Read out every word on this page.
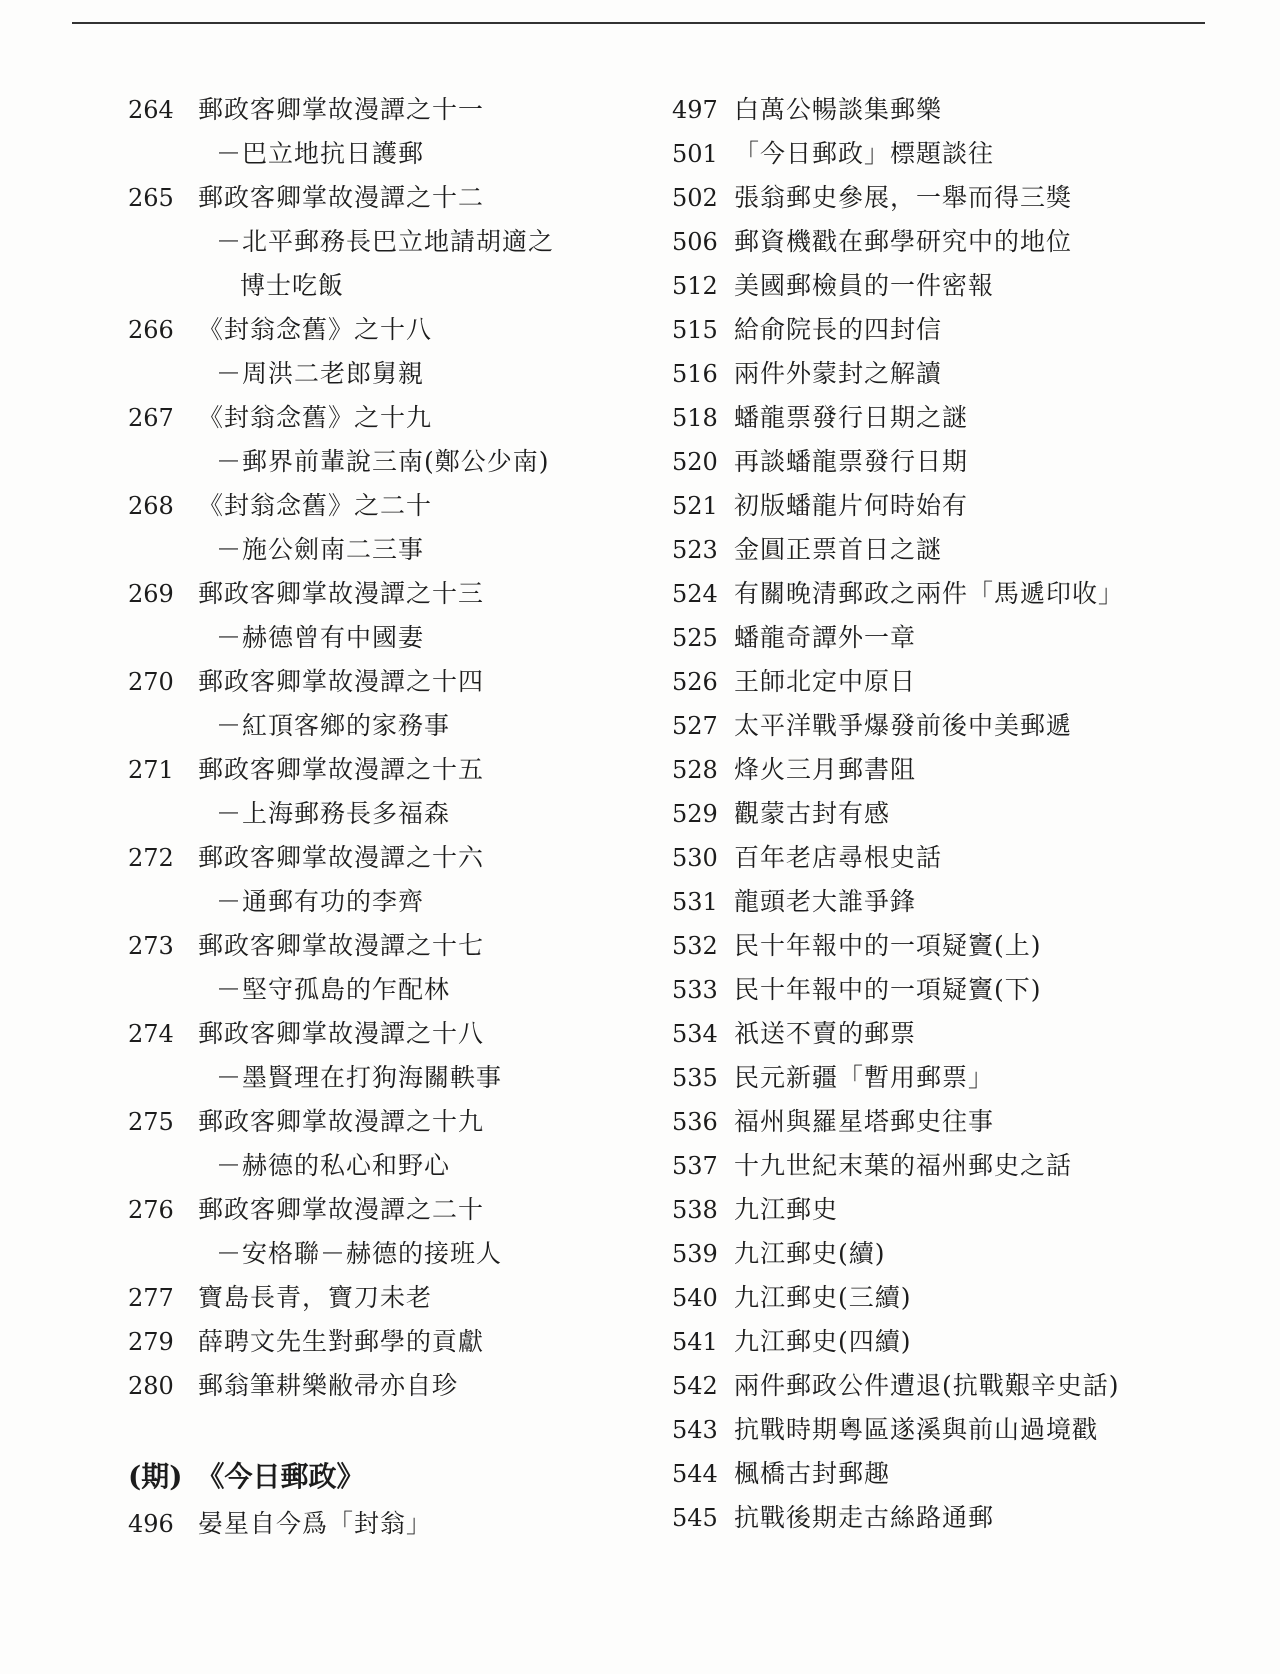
264 郵政客卿掌故漫譚之十一
－巴立地抗日護郵
265 郵政客卿掌故漫譚之十二
－北平郵務長巴立地請胡適之
博士吃飯
266 《封翁念舊》之十八
－周洪二老郎舅親
267 《封翁念舊》之十九
－郵界前輩說三南(鄭公少南)
268 《封翁念舊》之二十
－施公劍南二三事
269 郵政客卿掌故漫譚之十三
－赫德曾有中國妻
270 郵政客卿掌故漫譚之十四
－紅頂客鄉的家務事
271 郵政客卿掌故漫譚之十五
－上海郵務長多福森
272 郵政客卿掌故漫譚之十六
－通郵有功的李齊
273 郵政客卿掌故漫譚之十七
－堅守孤島的乍配林
274 郵政客卿掌故漫譚之十八
－墨賢理在打狗海關軼事
275 郵政客卿掌故漫譚之十九
－赫德的私心和野心
276 郵政客卿掌故漫譚之二十
－安格聯－赫德的接班人
277 寶島長青，寶刀未老
279 薛聘文先生對郵學的貢獻
280 郵翁筆耕樂敝帚亦自珍
(期) 《今日郵政》
496 晏星自今爲「封翁」
497 白萬公暢談集郵樂
501 「今日郵政」標題談往
502 張翁郵史參展，一舉而得三獎
506 郵資機戳在郵學研究中的地位
512 美國郵檢員的一件密報
515 給俞院長的四封信
516 兩件外蒙封之解讀
518 蟠龍票發行日期之謎
520 再談蟠龍票發行日期
521 初版蟠龍片何時始有
523 金圓正票首日之謎
524 有關晚清郵政之兩件「馬遞印收」
525 蟠龍奇譚外一章
526 王師北定中原日
527 太平洋戰爭爆發前後中美郵遞
528 烽火三月郵書阻
529 觀蒙古封有感
530 百年老店尋根史話
531 龍頭老大誰爭鋒
532 民十年報中的一項疑竇(上)
533 民十年報中的一項疑竇(下)
534 祇送不賣的郵票
535 民元新疆「暫用郵票」
536 福州與羅星塔郵史往事
537 十九世紀末葉的福州郵史之話
538 九江郵史
539 九江郵史(續)
540 九江郵史(三續)
541 九江郵史(四續)
542 兩件郵政公件遭退(抗戰艱辛史話)
543 抗戰時期粵區遂溪與前山過境戳
544 楓橋古封郵趣
545 抗戰後期走古絲路通郵
